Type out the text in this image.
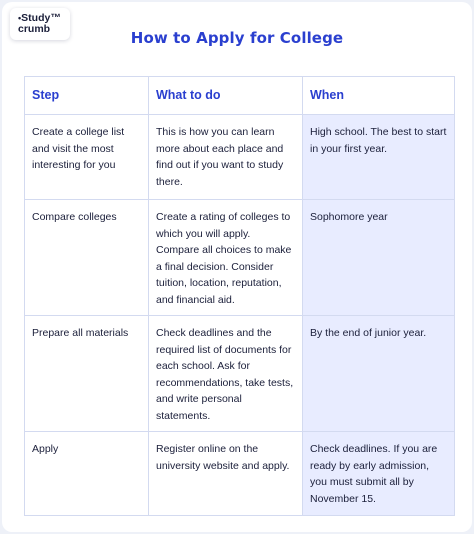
•Study™
crumb	How to Apply for College
Step	What to do	When
Create a college list and visit the most interesting for you	This is how you can learn more about each place and find out if you want to study there.	High school. The best to start in your first year.
Compare colleges	Create a rating of colleges to which you will apply. Compare all choices to make a final decision. Consider tuition, location, reputation, and financial aid.	Sophomore year
Prepare all materials	Check deadlines and the required list of documents for each school. Ask for recommendations, take tests, and write personal statements.	By the end of junior year.
Apply	Register online on the university website and apply.	Check deadlines. If you are ready by early admission, you must submit all by November 15.
